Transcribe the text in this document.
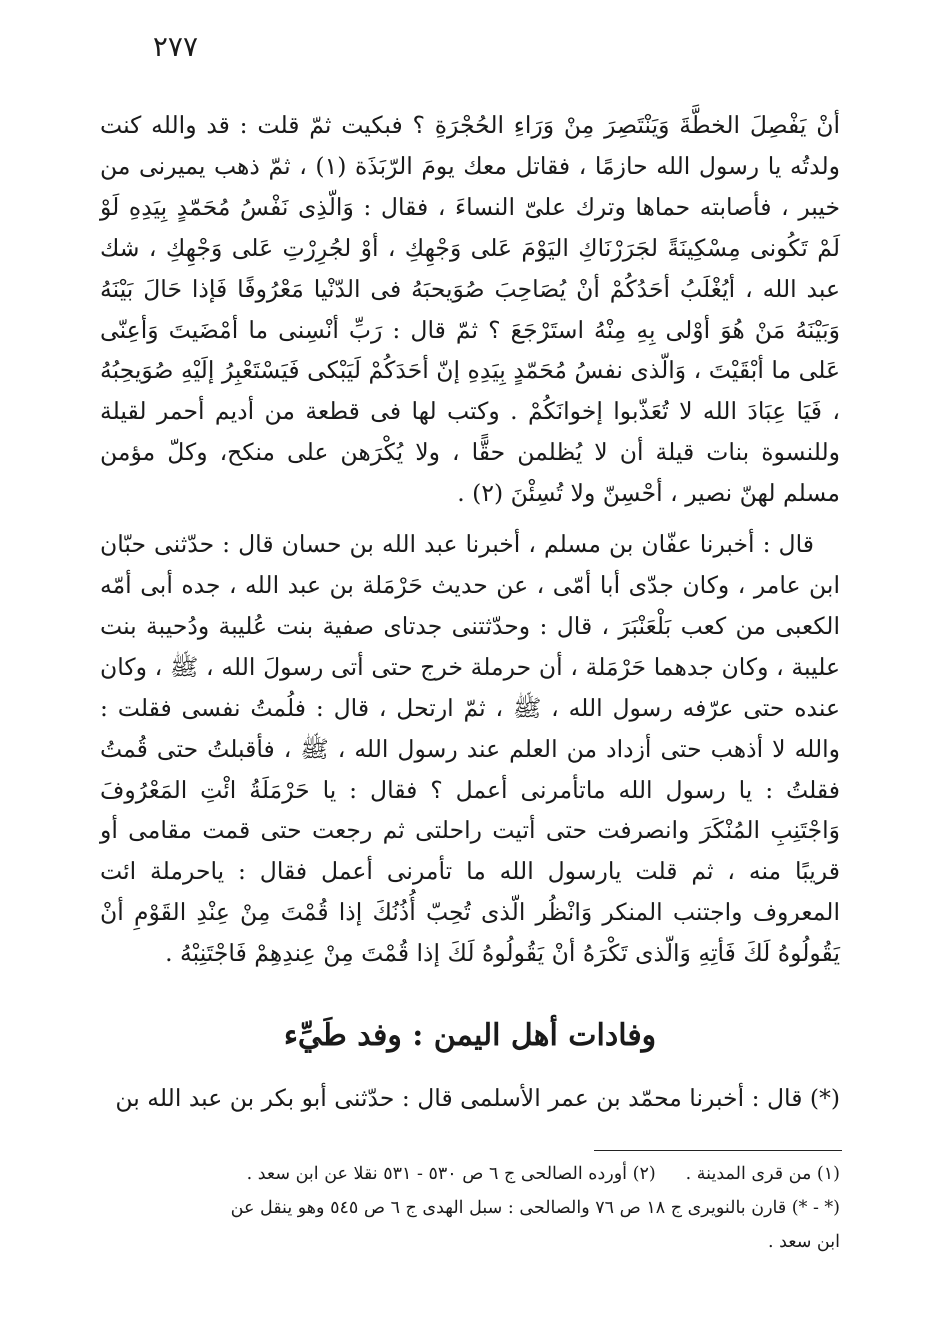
٢٧٧

أنْ يَفْصِلَ الخطَّةَ وَيَنْتَصِرَ مِنْ وَرَاءِ الحُجْرَةِ ؟ فبكيت ثمّ قلت : قد والله كنت ولدتُه يا رسول الله حازمًا ، فقاتل معك يومَ الرّبَذَة (١) ، ثمّ ذهب يميرنى من خيبر ، فأصابته حماها وترك علىّ النساءَ ، فقال : وَالّذِى نَفْسُ مُحَمّدٍ بِيَدِهِ لَوْ لَمْ تَكُونى مِسْكِينَةً لجَرَرْنَاكِ اليَوْمَ عَلى وَجْهِكِ ، أوْ لجُرِرْتِ عَلى وَجْهِكِ ، شك عبد الله ، أيُغْلَبُ أحَدُكُمْ أنْ يُصَاحِبَ صُوَيحبَهُ فى الدّنْيا مَعْرُوفًا فَإذا حَالَ بَيْنَهُ وَبَيْنَهُ مَنْ هُوَ أوْلى بِهِ مِنْهُ استَرْجَعَ ؟ ثمّ قال : رَبِّ أنْسِنى ما أمْضَيتَ وَأعِنّى عَلى ما أبْقَيْتَ ، وَالّذى نفسُ مُحَمّدٍ بِيَدِهِ إنّ أحَدَكُمْ لَيَبْكى فَيَسْتَعْبِرُ إلَيْهِ صُوَيحِبُهُ ، فَيَا عِبَادَ الله لا تُعَذّبوا إخوانَكُمْ . وكتب لها فى قطعة من أديم أحمر لقيلة وللنسوة بنات قيلة أن لا يُظلمن حقًّا ، ولا يُكْرَهن على منكح، وكلّ مؤمن مسلم لهنّ نصير ، أحْسِنّ ولا تُسِئْنَ (٢) .

قال : أخبرنا عفّان بن مسلم ، أخبرنا عبد الله بن حسان قال : حدّثنى حبّان ابن عامر ، وكان جدّى أبا أمّى ، عن حديث حَرْمَلة بن عبد الله ، جده أبى أمّه الكعبى من كعب بَلْعَنْبَرَ ، قال : وحدّثتنى جدتاى صفية بنت عُليبة ودُحيبة بنت عليبة ، وكان جدهما حَرْمَلة ، أن حرملة خرج حتى أتى رسولَ الله ، ﷺ ، وكان عنده حتى عرّفه رسول الله ، ﷺ ، ثمّ ارتحل ، قال : فلُمتُ نفسى فقلت : والله لا أذهب حتى أزداد من العلم عند رسول الله ، ﷺ ، فأقبلتُ حتى قُمتُ فقلتُ : يا رسول الله ماتأمرنى أعمل ؟ فقال : يا حَرْمَلَةُ ائْتِ المَعْرُوفَ وَاجْتَنِبِ المُنْكَرَ وانصرفت حتى أتيت راحلتى ثم رجعت حتى قمت مقامى أو قريبًا منه ، ثم قلت يارسول الله ما تأمرنى أعمل فقال : ياحرملة ائت المعروف واجتنب المنكر وَانْظُر الّذى تُحِبّ أُذُنُكَ إذا قُمْتَ مِنْ عِنْدِ القَوْمِ أنْ يَقُولُوهُ لَكَ فَأتِهِ وَالّذى تَكْرَهُ أنْ يَقُولُوهُ لَكَ إذا قُمْتَ مِنْ عِندِهِمْ فَاجْتَنِبْهُ .

وفادات أهل اليمن : وفد طَيِّء

(*) قال : أخبرنا محمّد بن عمر الأسلمى قال : حدّثنى أبو بكر بن عبد الله بن

(١) من قرى المدينة .(٢) أورده الصالحى ج ٦ ص ٥٣٠ - ٥٣١ نقلا عن ابن سعد .
(* - *) قارن بالنويرى ج ١٨ ص ٧٦ والصالحى : سبل الهدى ج ٦ ص ٥٤٥ وهو ينقل عن
ابن سعد .
